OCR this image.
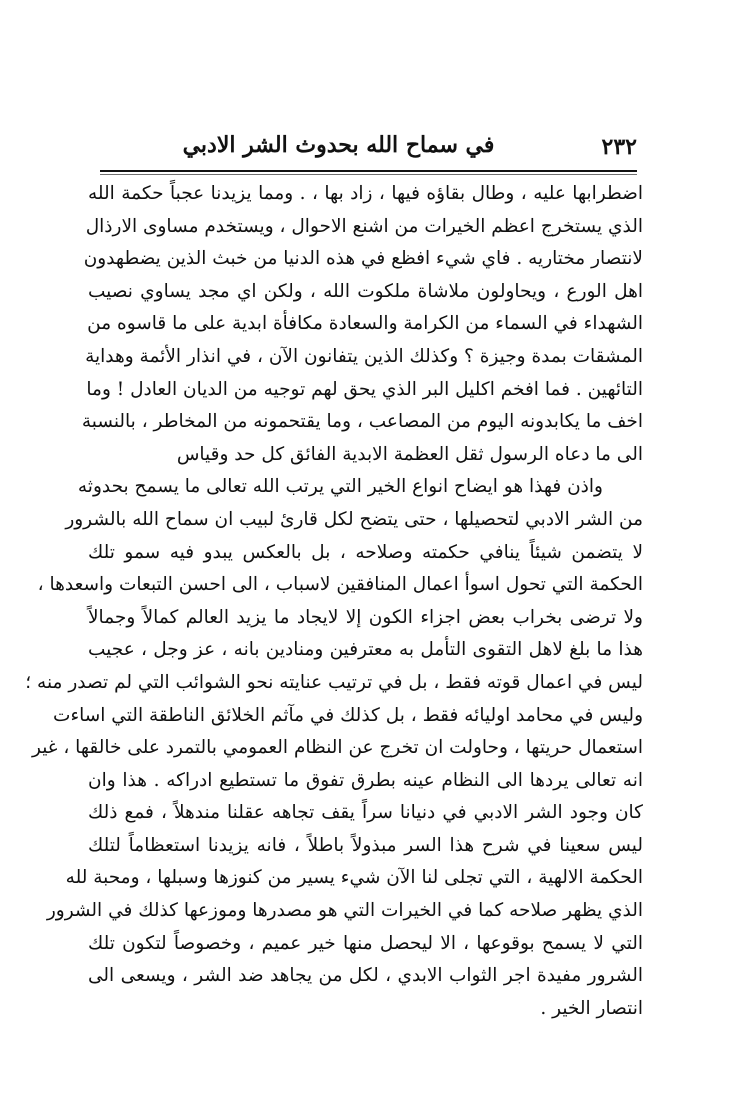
٢٣٢
في سماح الله بحدوث الشر الادبي
اضطرابها عليه ، وطال بقاؤه فيها ، زاد بها ، . ومما يزيدنا عجباً حكمة الله
الذي يستخرج اعظم الخيرات من اشنع الاحوال ، ويستخدم مساوى الارذال
لانتصار مختاريه . فاي شيء افظع في هذه الدنيا من خبث الذين يضطهدون
اهل الورع ، ويحاولون ملاشاة ملكوت الله ، ولكن اي مجد يساوي نصيب
الشهداء في السماء من الكرامة والسعادة مكافأة ابدية على ما قاسوه من
المشقات بمدة وجيزة ؟ وكذلك الذين يتفانون الآن ، في انذار الأئمة وهداية
التائهين . فما افخم اكليل البر الذي يحق لهم توجيه من الديان العادل ! وما
اخف ما يكابدونه اليوم من المصاعب ، وما يقتحمونه من المخاطر ، بالنسبة
الى ما دعاه الرسول ثقل العظمة الابدية الفائق كل حد وقياس
واذن فهذا هو ايضاح انواع الخير التي يرتب الله تعالى ما يسمح بحدوثه
من الشر الادبي لتحصيلها ، حتى يتضح لكل قارئ لبيب ان سماح الله بالشرور
لا يتضمن شيئاً ينافي حكمته وصلاحه ، بل بالعكس يبدو فيه سمو تلك
الحكمة التي تحول اسوأ اعمال المنافقين لاسباب ، الى احسن التبعات واسعدها ،
ولا ترضى بخراب بعض اجزاء الكون إلا لايجاد ما يزيد العالم كمالاً وجمالاً
هذا ما بلغ لاهل التقوى التأمل به معترفين ومنادين بانه ، عز وجل ، عجيب
ليس في اعمال قوته فقط ، بل في ترتيب عنايته نحو الشوائب التي لم تصدر منه ؛
وليس في محامد اوليائه فقط ، بل كذلك في مآثم الخلائق الناطقة التي اساءت
استعمال حريتها ، وحاولت ان تخرج عن النظام العمومي بالتمرد على خالقها ، غير
انه تعالى يردها الى النظام عينه بطرق تفوق ما تستطيع ادراكه . هذا وان
كان وجود الشر الادبي في دنيانا سراً يقف تجاهه عقلنا مندهلاً ، فمع ذلك
ليس سعينا في شرح هذا السر مبذولاً باطلاً ، فانه يزيدنا استعظاماً لتلك
الحكمة الالهية ، التي تجلى لنا الآن شيء يسير من كنوزها وسبلها ، ومحبة لله
الذي يظهر صلاحه كما في الخيرات التي هو مصدرها وموزعها كذلك في الشرور
التي لا يسمح بوقوعها ، الا ليحصل منها خير عميم ، وخصوصاً لتكون تلك
الشرور مفيدة اجر الثواب الابدي ، لكل من يجاهد ضد الشر ، ويسعى الى
انتصار الخير .
